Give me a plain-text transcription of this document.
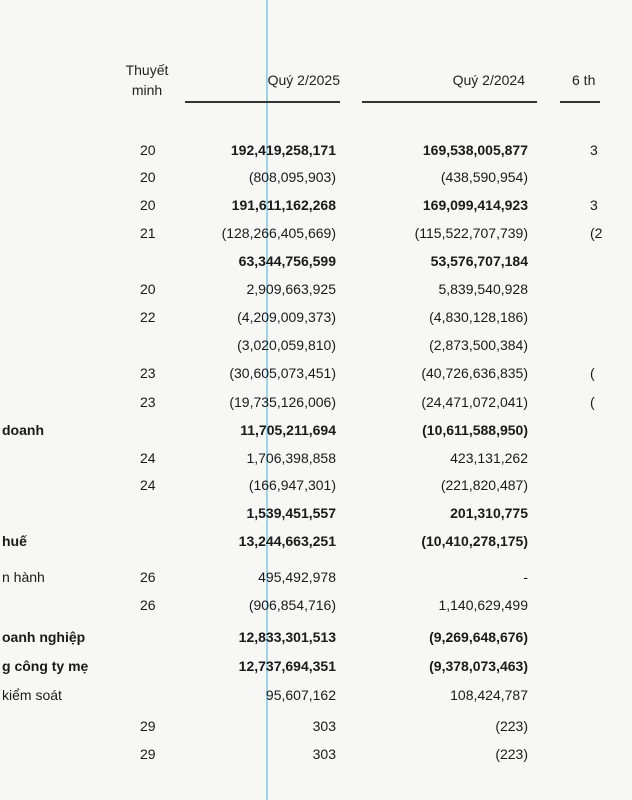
Thuyết
minh
Quý 2/2025	Quý 2/2024	6 th
20	192,419,258,171	169,538,005,877	3
20	(808,095,903)	(438,590,954)
20	191,611,162,268	169,099,414,923	3
21	(128,266,405,669)	(115,522,707,739)	(2
63,344,756,599	53,576,707,184
20	2,909,663,925	5,839,540,928
22	(4,209,009,373)	(4,830,128,186)
(3,020,059,810)	(2,873,500,384)
23	(30,605,073,451)	(40,726,636,835)	(
23	(19,735,126,006)	(24,471,072,041)	(
doanh	11,705,211,694	(10,611,588,950)
24	1,706,398,858	423,131,262
24	(166,947,301)	(221,820,487)
1,539,451,557	201,310,775
huế	13,244,663,251	(10,410,278,175)
n hành	26	495,492,978	-
26	(906,854,716)	1,140,629,499
oanh nghiệp	12,833,301,513	(9,269,648,676)
g công ty mẹ	12,737,694,351	(9,378,073,463)
kiểm soát	95,607,162	108,424,787
29	303	(223)
29	303	(223)
